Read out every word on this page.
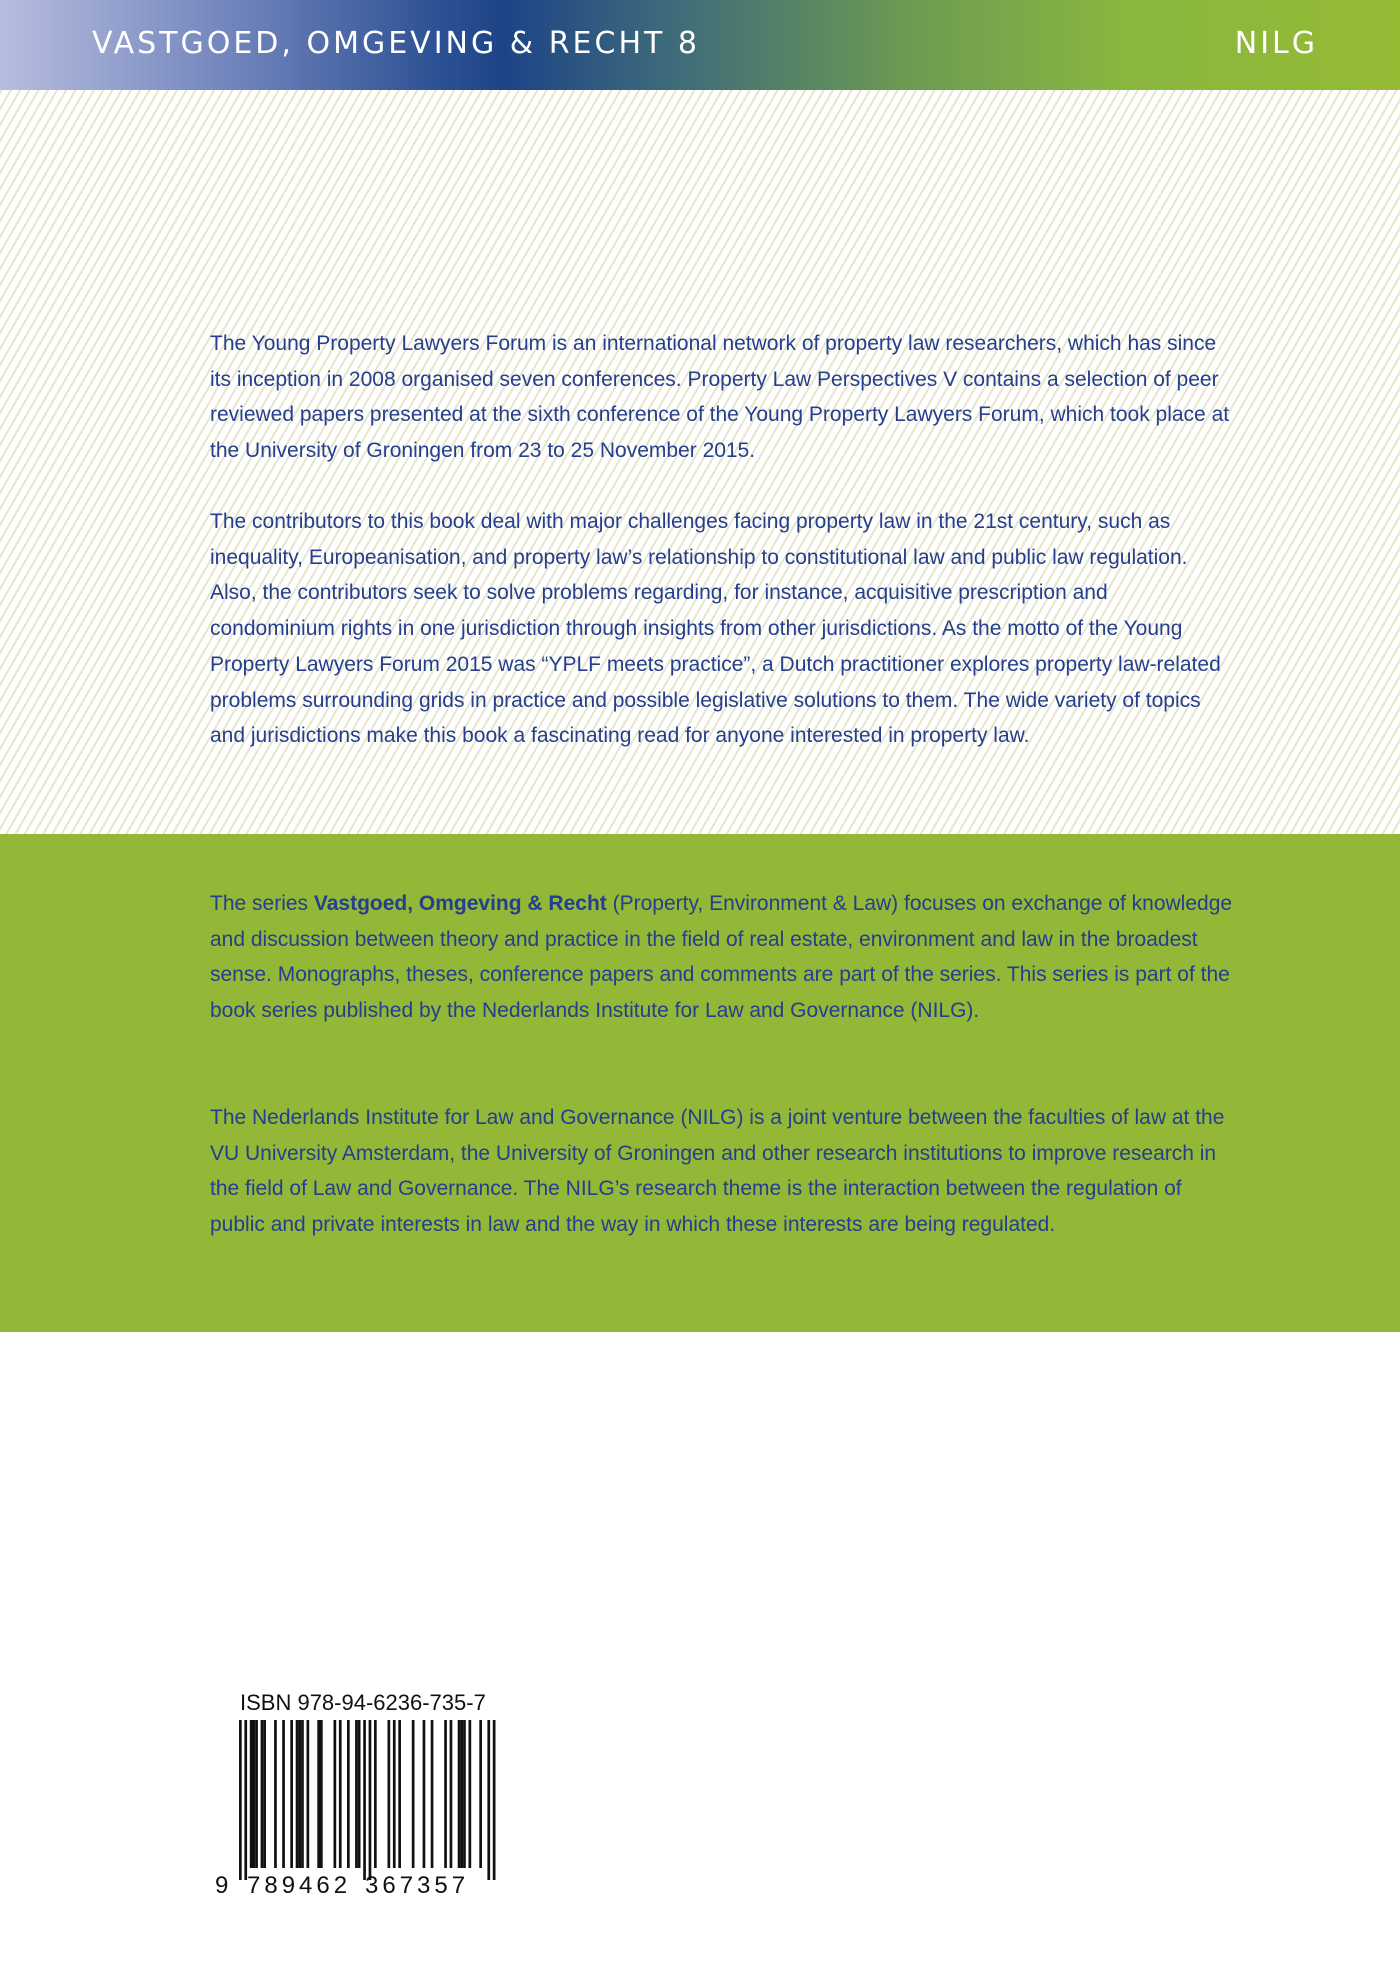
VASTGOED, OMGEVING & RECHT 8	NILG

The Young Property Lawyers Forum is an international network of property law researchers, which has since its inception in 2008 organised seven conferences. Property Law Perspectives V contains a selection of peer reviewed papers presented at the sixth conference of the Young Property Lawyers Forum, which took place at the University of Groningen from 23 to 25 November 2015.

The contributors to this book deal with major challenges facing property law in the 21st century, such as inequality, Europeanisation, and property law’s relationship to constitutional law and public law regulation. Also, the contributors seek to solve problems regarding, for instance, acquisitive prescription and condominium rights in one jurisdiction through insights from other jurisdictions. As the motto of the Young Property Lawyers Forum 2015 was “YPLF meets practice”, a Dutch practitioner explores property law-related problems surrounding grids in practice and possible legislative solutions to them. The wide variety of topics and jurisdictions make this book a fascinating read for anyone interested in property law.

The series Vastgoed, Omgeving & Recht (Property, Environment & Law) focuses on exchange of knowledge and discussion between theory and practice in the field of real estate, environment and law in the broadest sense. Monographs, theses, conference papers and comments are part of the series. This series is part of the book series published by the Nederlands Institute for Law and Governance (NILG).

The Nederlands Institute for Law and Governance (NILG) is a joint venture between the faculties of law at the VU University Amsterdam, the University of Groningen and other research institutions to improve research in the field of Law and Governance. The NILG’s research theme is the interaction between the regulation of public and private interests in law and the way in which these interests are being regulated.

ISBN 978-94-6236-735-7
9 789462 367357
